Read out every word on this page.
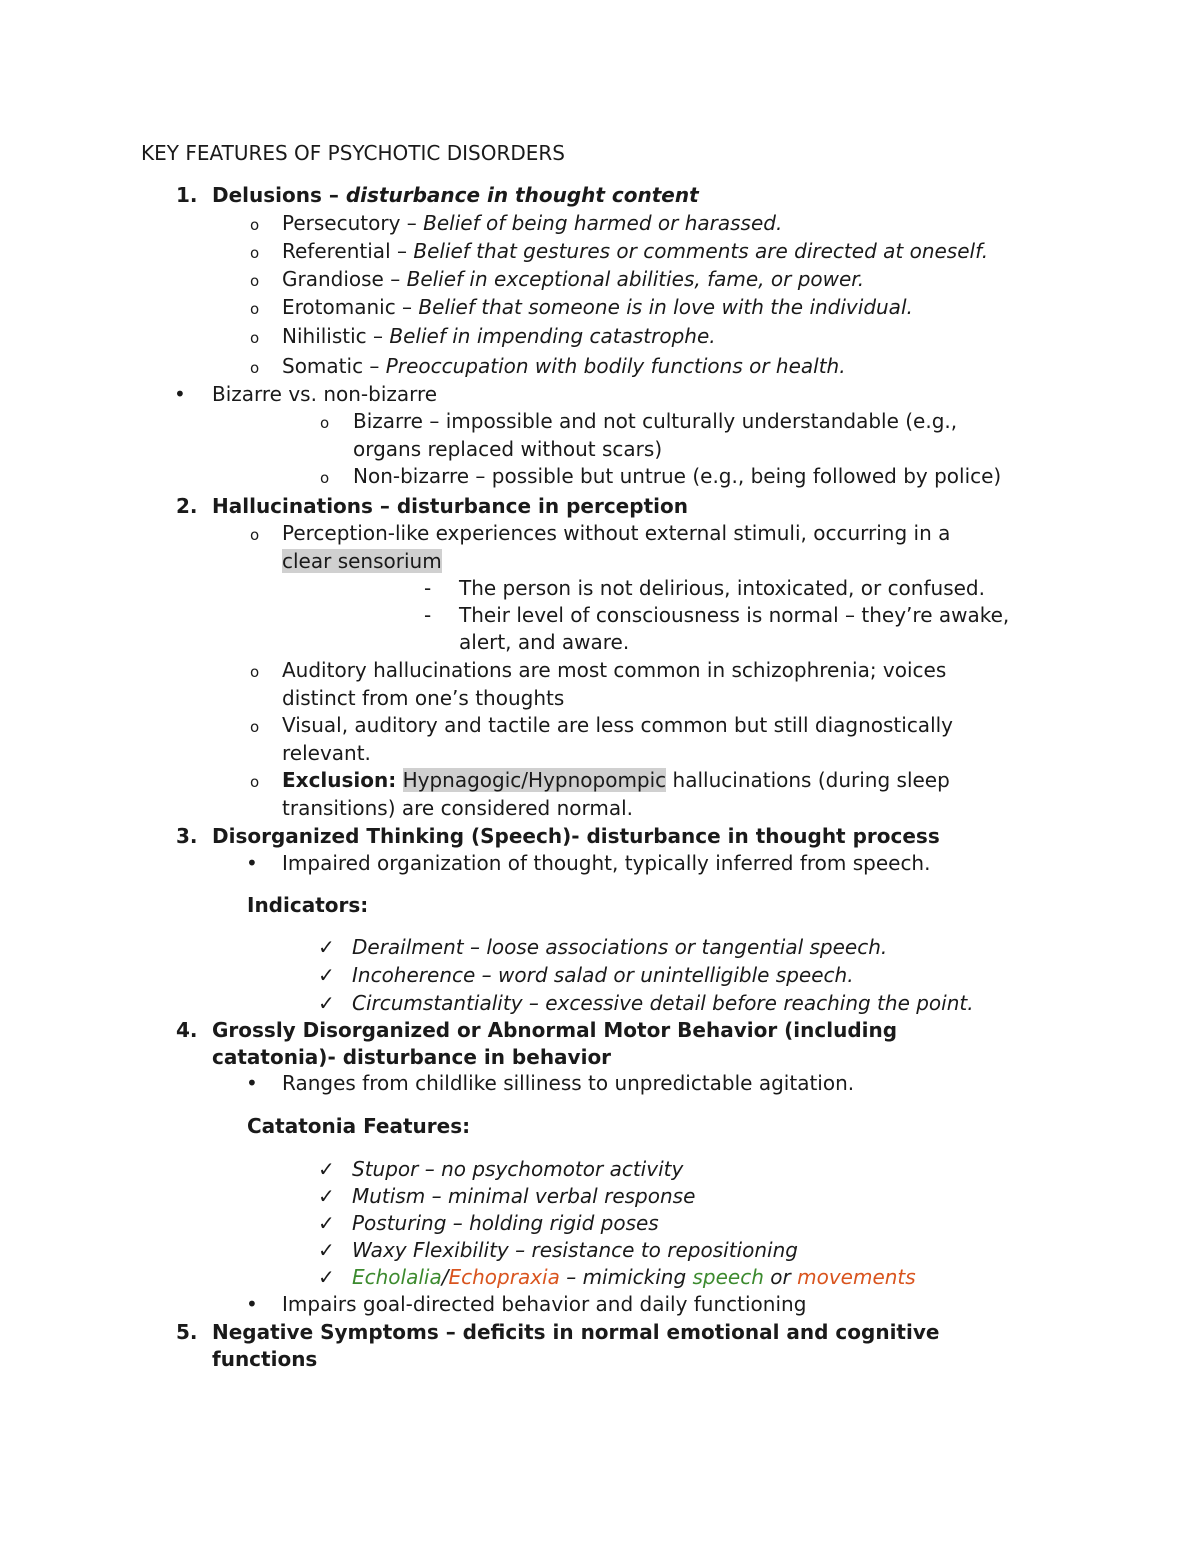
KEY FEATURES OF PSYCHOTIC DISORDERS
1. Delusions – disturbance in thought content
o Persecutory – Belief of being harmed or harassed.
o Referential – Belief that gestures or comments are directed at oneself.
o Grandiose – Belief in exceptional abilities, fame, or power.
o Erotomanic – Belief that someone is in love with the individual.
o Nihilistic – Belief in impending catastrophe.
o Somatic – Preoccupation with bodily functions or health.
• Bizarre vs. non-bizarre
o Bizarre – impossible and not culturally understandable (e.g.,
organs replaced without scars)
o Non-bizarre – possible but untrue (e.g., being followed by police)
2. Hallucinations – disturbance in perception
o Perception-like experiences without external stimuli, occurring in a
clear sensorium
- The person is not delirious, intoxicated, or confused.
- Their level of consciousness is normal – they’re awake,
alert, and aware.
o Auditory hallucinations are most common in schizophrenia; voices
distinct from one’s thoughts
o Visual, auditory and tactile are less common but still diagnostically
relevant.
o Exclusion: Hypnagogic/Hypnopompic hallucinations (during sleep
transitions) are considered normal.
3. Disorganized Thinking (Speech)- disturbance in thought process
• Impaired organization of thought, typically inferred from speech.
Indicators:
✓ Derailment – loose associations or tangential speech.
✓ Incoherence – word salad or unintelligible speech.
✓ Circumstantiality – excessive detail before reaching the point.
4. Grossly Disorganized or Abnormal Motor Behavior (including
catatonia)- disturbance in behavior
• Ranges from childlike silliness to unpredictable agitation.
Catatonia Features:
✓ Stupor – no psychomotor activity
✓ Mutism – minimal verbal response
✓ Posturing – holding rigid poses
✓ Waxy Flexibility – resistance to repositioning
✓ Echolalia/Echopraxia – mimicking speech or movements
• Impairs goal-directed behavior and daily functioning
5. Negative Symptoms – deficits in normal emotional and cognitive
functions
